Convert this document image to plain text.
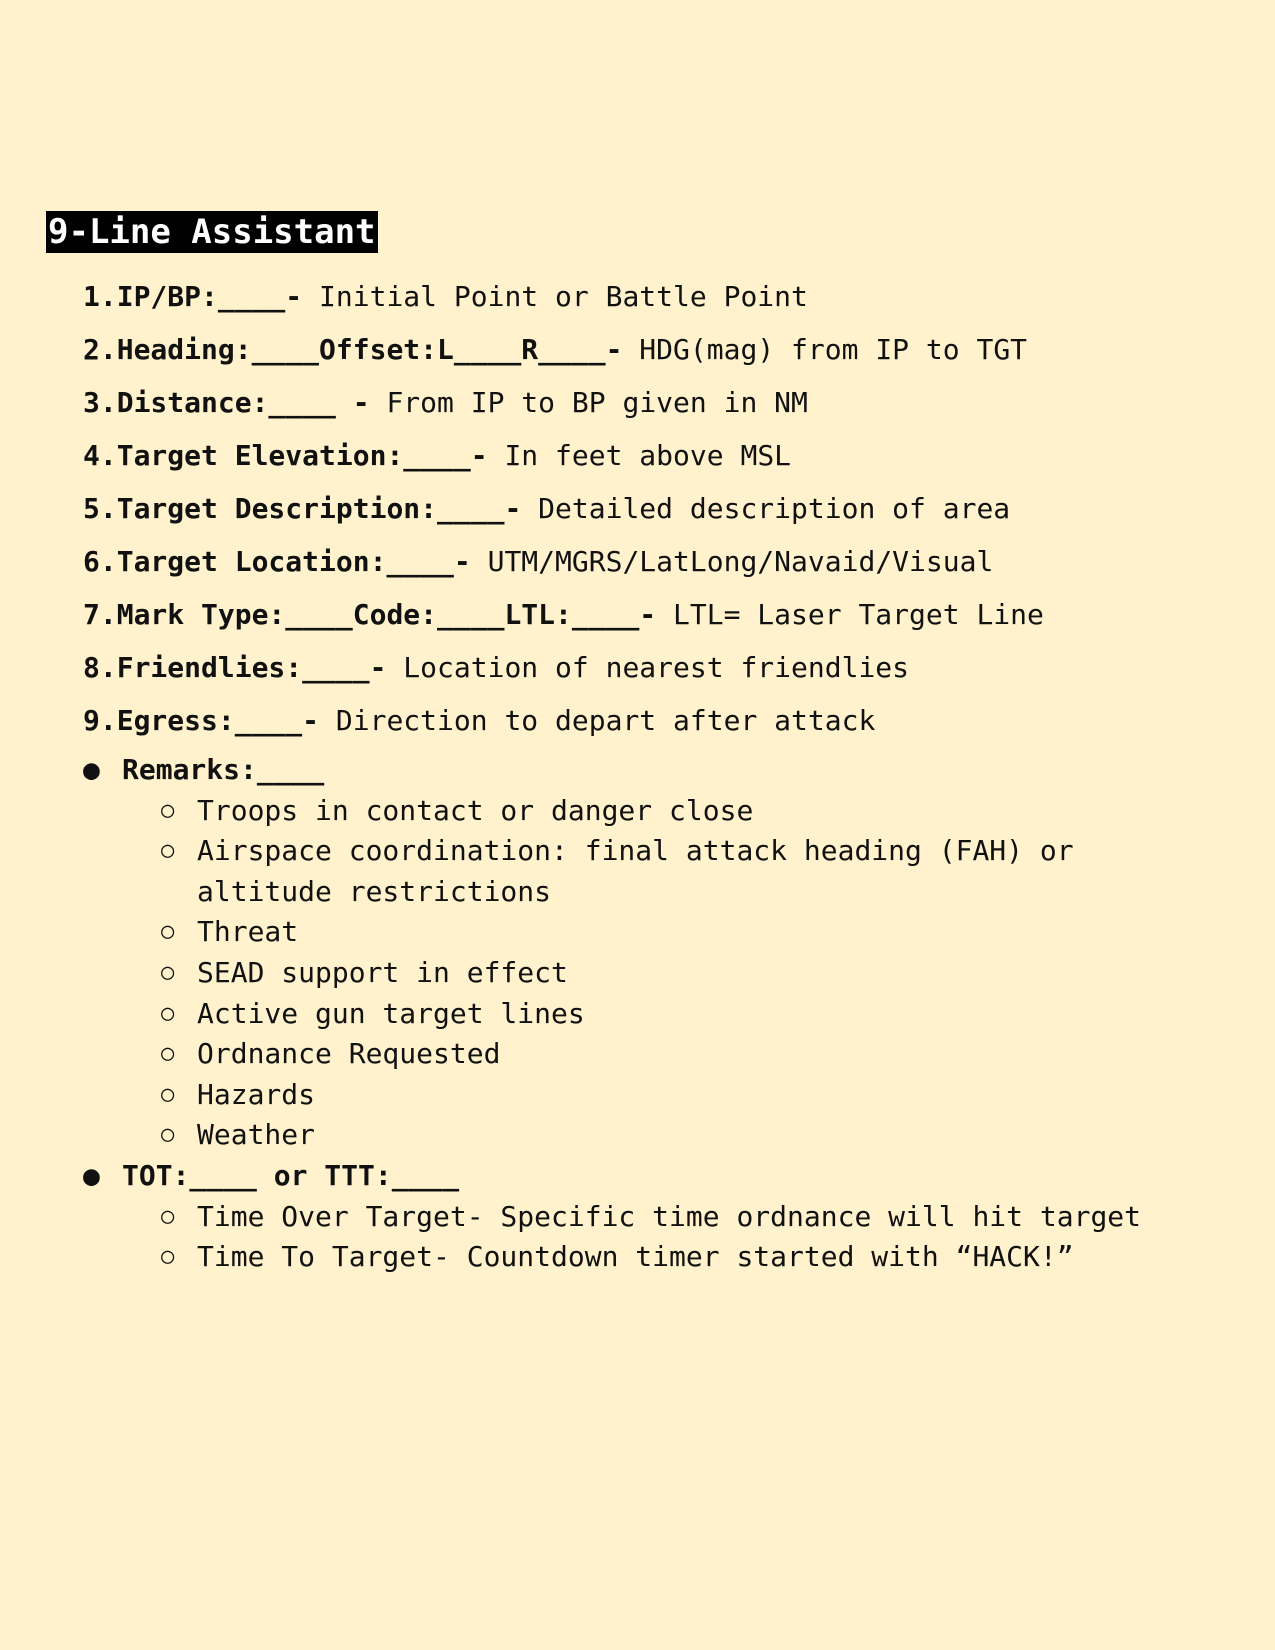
9-Line Assistant
1.IP/BP:____- Initial Point or Battle Point
2.Heading:____Offset:L____R____- HDG(mag) from IP to TGT
3.Distance:____ - From IP to BP given in NM
4.Target Elevation:____- In feet above MSL
5.Target Description:____- Detailed description of area
6.Target Location:____- UTM/MGRS/LatLong/Navaid/Visual
7.Mark Type:____Code:____LTL:____- LTL= Laser Target Line
8.Friendlies:____- Location of nearest friendlies
9.Egress:____- Direction to depart after attack
● Remarks:____
○ Troops in contact or danger close
○ Airspace coordination: final attack heading (FAH) or altitude restrictions
○ Threat
○ SEAD support in effect
○ Active gun target lines
○ Ordnance Requested
○ Hazards
○ Weather
● TOT:____ or TTT:____
○ Time Over Target- Specific time ordnance will hit target
○ Time To Target- Countdown timer started with “HACK!”
